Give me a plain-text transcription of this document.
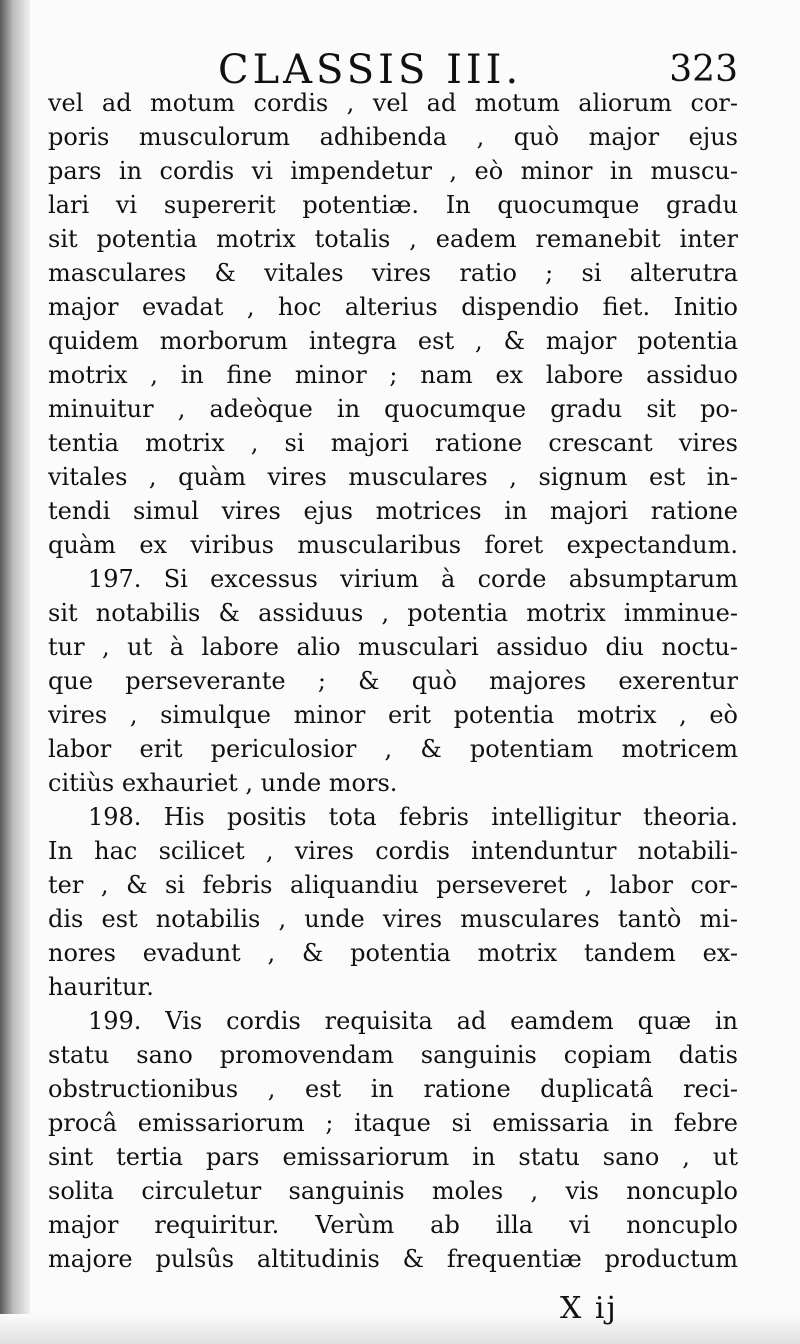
CLASSIS III.	323
vel ad motum cordis , vel ad motum aliorum cor-
poris musculorum adhibenda , quò major ejus
pars in cordis vi impendetur , eò minor in muscu-
lari vi supererit potentiæ. In quocumque gradu
sit potentia motrix totalis , eadem remanebit inter
masculares & vitales vires ratio ; si alterutra
major evadat , hoc alterius dispendio fiet. Initio
quidem morborum integra est , & major potentia
motrix , in fine minor ; nam ex labore assiduo
minuitur , adeòque in quocumque gradu sit po-
tentia motrix , si majori ratione crescant vires
vitales , quàm vires musculares , signum est in-
tendi simul vires ejus motrices in majori ratione
quàm ex viribus muscularibus foret expectandum.
197. Si excessus virium à corde absumptarum
sit notabilis & assiduus , potentia motrix imminue-
tur , ut à labore alio musculari assiduo diu noctu-
que perseverante ; & quò majores exerentur
vires , simulque minor erit potentia motrix , eò
labor erit periculosior , & potentiam motricem
citiùs exhauriet , unde mors.
198. His positis tota febris intelligitur theoria.
In hac scilicet , vires cordis intenduntur notabili-
ter , & si febris aliquandiu perseveret , labor cor-
dis est notabilis , unde vires musculares tantò mi-
nores evadunt , & potentia motrix tandem ex-
hauritur.
199. Vis cordis requisita ad eamdem quæ in
statu sano promovendam sanguinis copiam datis
obstructionibus , est in ratione duplicatâ reci-
procâ emissariorum ; itaque si emissaria in febre
sint tertia pars emissariorum in statu sano , ut
solita circuletur sanguinis moles , vis noncuplo
major requiritur. Verùm ab illa vi noncuplo
majore pulsûs altitudinis & frequentiæ productum
X ij
